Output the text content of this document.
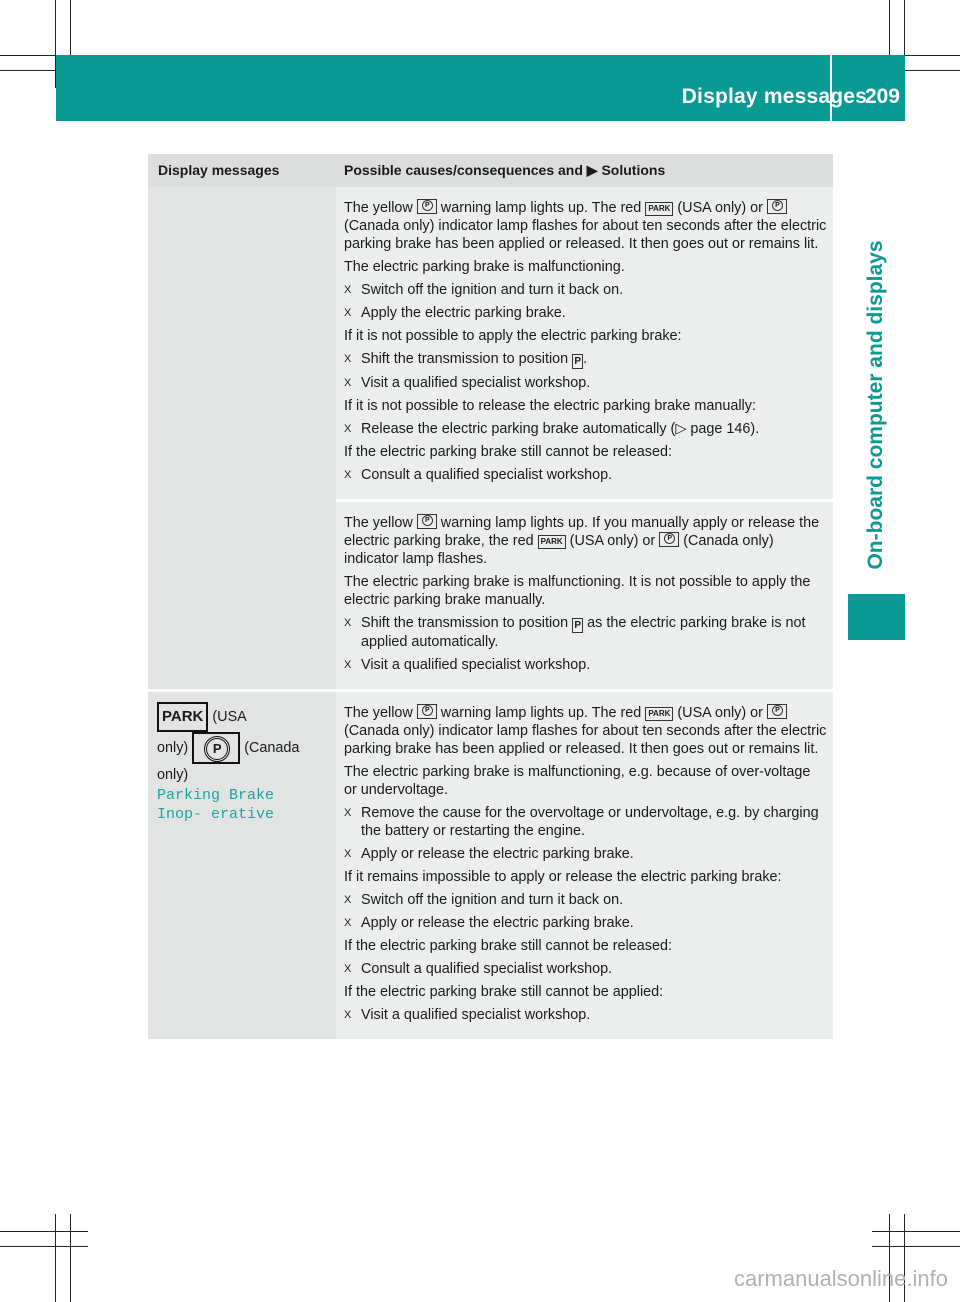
Display messages
209
On-board computer and displays
Display messages	Possible causes/consequences and ▶ Solutions

The yellow P warning lamp lights up. The red PARK (USA only) or P (Canada only) indicator lamp flashes for about ten seconds after the electric parking brake has been applied or released. It then goes out or remains lit.

The electric parking brake is malfunctioning.

X Switch off the ignition and turn it back on.
X Apply the electric parking brake.

If it is not possible to apply the electric parking brake:

X Shift the transmission to position P .
X Visit a qualified specialist workshop.

If it is not possible to release the electric parking brake manually:

X Release the electric parking brake automatically (▷ page 146).

If the electric parking brake still cannot be released:

X Consult a qualified specialist workshop.

The yellow P warning lamp lights up. If you manually apply or release the electric parking brake, the red PARK (USA only) or P (Canada only) indicator lamp flashes.

The electric parking brake is malfunctioning. It is not possible to apply the electric parking brake manually.

X Shift the transmission to position P as the electric parking brake is not applied automatically.
X Visit a qualified specialist workshop.
PARK (USA
only) P	(Canada
only)
Parking Brake Inop‐ erative

The yellow P warning lamp lights up. The red PARK (USA only) or P (Canada only) indicator lamp flashes for about ten seconds after the electric parking brake has been applied or released. It then goes out or remains lit.

The electric parking brake is malfunctioning, e.g. because of over-voltage or undervoltage.

X Remove the cause for the overvoltage or undervoltage, e.g. by charging the battery or restarting the engine.
X Apply or release the electric parking brake.

If it remains impossible to apply or release the electric parking brake:

X Switch off the ignition and turn it back on.
X Apply or release the electric parking brake.

If the electric parking brake still cannot be released:

X Consult a qualified specialist workshop.

If the electric parking brake still cannot be applied:

X Visit a qualified specialist workshop.
carmanualsonline.info
